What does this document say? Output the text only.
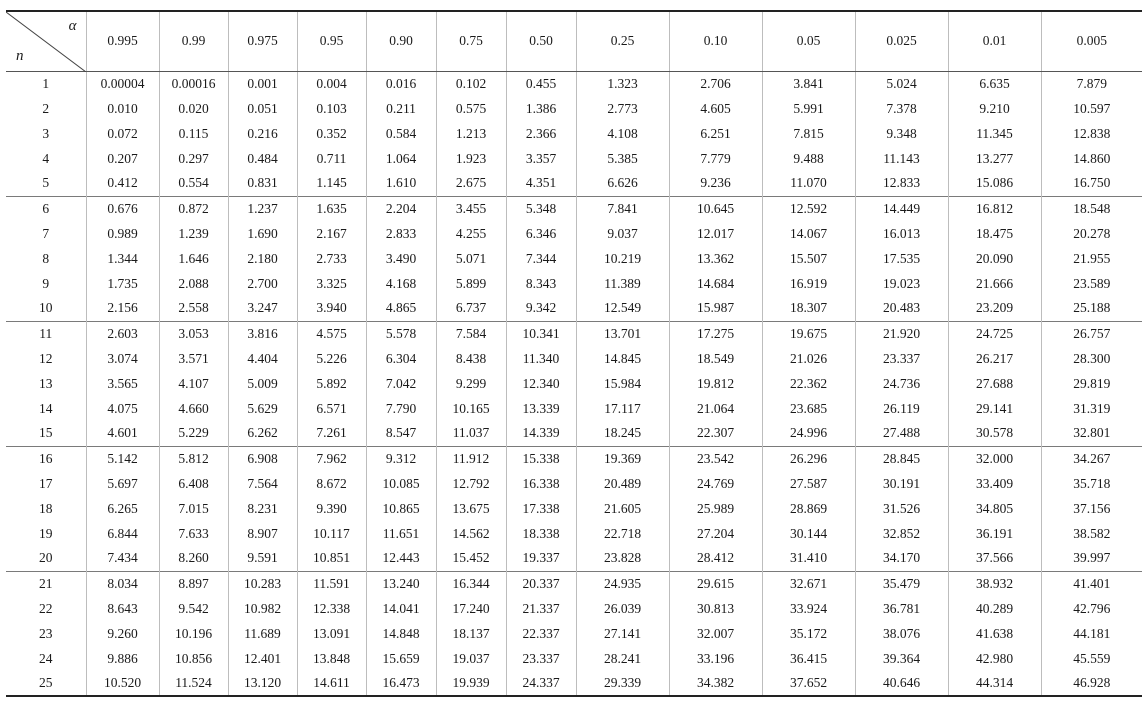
α
n	0.995	0.99	0.975	0.95	0.90	0.75	0.50	0.25	0.10	0.05	0.025	0.01	0.005
1	0.00004	0.00016	0.001	0.004	0.016	0.102	0.455	1.323	2.706	3.841	5.024	6.635	7.879
2	0.010	0.020	0.051	0.103	0.211	0.575	1.386	2.773	4.605	5.991	7.378	9.210	10.597
3	0.072	0.115	0.216	0.352	0.584	1.213	2.366	4.108	6.251	7.815	9.348	11.345	12.838
4	0.207	0.297	0.484	0.711	1.064	1.923	3.357	5.385	7.779	9.488	11.143	13.277	14.860
5	0.412	0.554	0.831	1.145	1.610	2.675	4.351	6.626	9.236	11.070	12.833	15.086	16.750
6	0.676	0.872	1.237	1.635	2.204	3.455	5.348	7.841	10.645	12.592	14.449	16.812	18.548
7	0.989	1.239	1.690	2.167	2.833	4.255	6.346	9.037	12.017	14.067	16.013	18.475	20.278
8	1.344	1.646	2.180	2.733	3.490	5.071	7.344	10.219	13.362	15.507	17.535	20.090	21.955
9	1.735	2.088	2.700	3.325	4.168	5.899	8.343	11.389	14.684	16.919	19.023	21.666	23.589
10	2.156	2.558	3.247	3.940	4.865	6.737	9.342	12.549	15.987	18.307	20.483	23.209	25.188
11	2.603	3.053	3.816	4.575	5.578	7.584	10.341	13.701	17.275	19.675	21.920	24.725	26.757
12	3.074	3.571	4.404	5.226	6.304	8.438	11.340	14.845	18.549	21.026	23.337	26.217	28.300
13	3.565	4.107	5.009	5.892	7.042	9.299	12.340	15.984	19.812	22.362	24.736	27.688	29.819
14	4.075	4.660	5.629	6.571	7.790	10.165	13.339	17.117	21.064	23.685	26.119	29.141	31.319
15	4.601	5.229	6.262	7.261	8.547	11.037	14.339	18.245	22.307	24.996	27.488	30.578	32.801
16	5.142	5.812	6.908	7.962	9.312	11.912	15.338	19.369	23.542	26.296	28.845	32.000	34.267
17	5.697	6.408	7.564	8.672	10.085	12.792	16.338	20.489	24.769	27.587	30.191	33.409	35.718
18	6.265	7.015	8.231	9.390	10.865	13.675	17.338	21.605	25.989	28.869	31.526	34.805	37.156
19	6.844	7.633	8.907	10.117	11.651	14.562	18.338	22.718	27.204	30.144	32.852	36.191	38.582
20	7.434	8.260	9.591	10.851	12.443	15.452	19.337	23.828	28.412	31.410	34.170	37.566	39.997
21	8.034	8.897	10.283	11.591	13.240	16.344	20.337	24.935	29.615	32.671	35.479	38.932	41.401
22	8.643	9.542	10.982	12.338	14.041	17.240	21.337	26.039	30.813	33.924	36.781	40.289	42.796
23	9.260	10.196	11.689	13.091	14.848	18.137	22.337	27.141	32.007	35.172	38.076	41.638	44.181
24	9.886	10.856	12.401	13.848	15.659	19.037	23.337	28.241	33.196	36.415	39.364	42.980	45.559
25	10.520	11.524	13.120	14.611	16.473	19.939	24.337	29.339	34.382	37.652	40.646	44.314	46.928
